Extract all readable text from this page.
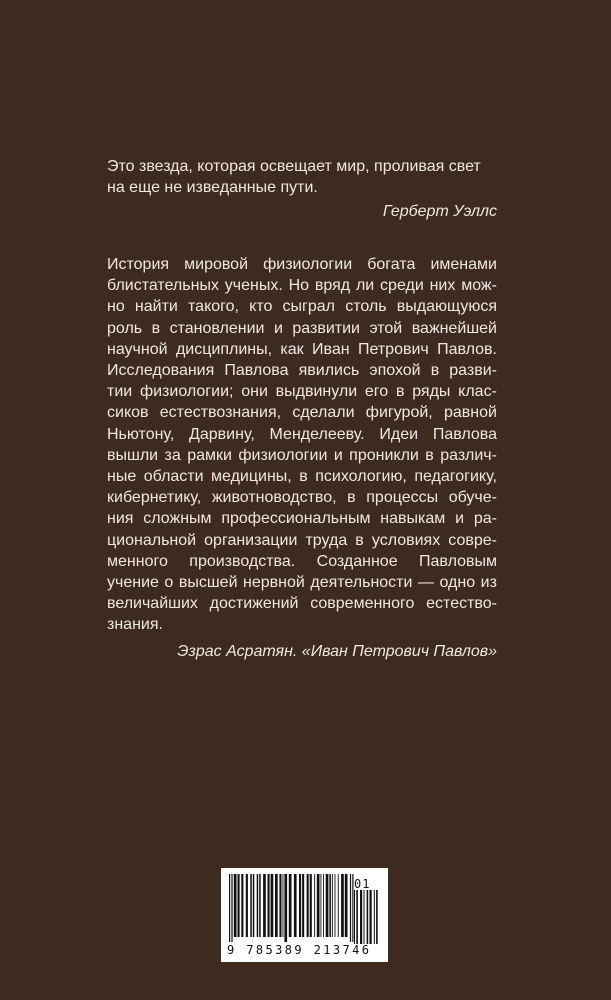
Это звезда, которая освещает мир, проливая свет
на еще не изведанные пути.
Герберт Уэллс
История мировой физиологии богата именами
блистательных ученых. Но вряд ли среди них мож-
но найти такого, кто сыграл столь выдающуюся
роль в становлении и развитии этой важнейшей
научной дисциплины, как Иван Петрович Павлов.
Исследования Павлова явились эпохой в разви-
тии физиологии; они выдвинули его в ряды клас-
сиков естествознания, сделали фигурой, равной
Ньютону, Дарвину, Менделееву. Идеи Павлова
вышли за рамки физиологии и проникли в различ-
ные области медицины, в психологию, педагогику,
кибернетику, животноводство, в процессы обуче-
ния сложным профессиональным навыкам и ра-
циональной организации труда в условиях совре-
менного производства. Созданное Павловым
учение о высшей нервной деятельности — одно из
величайших достижений современного естество-
знания.
Эзрас Асратян. «Иван Петрович Павлов»
01
9 785389 213746
